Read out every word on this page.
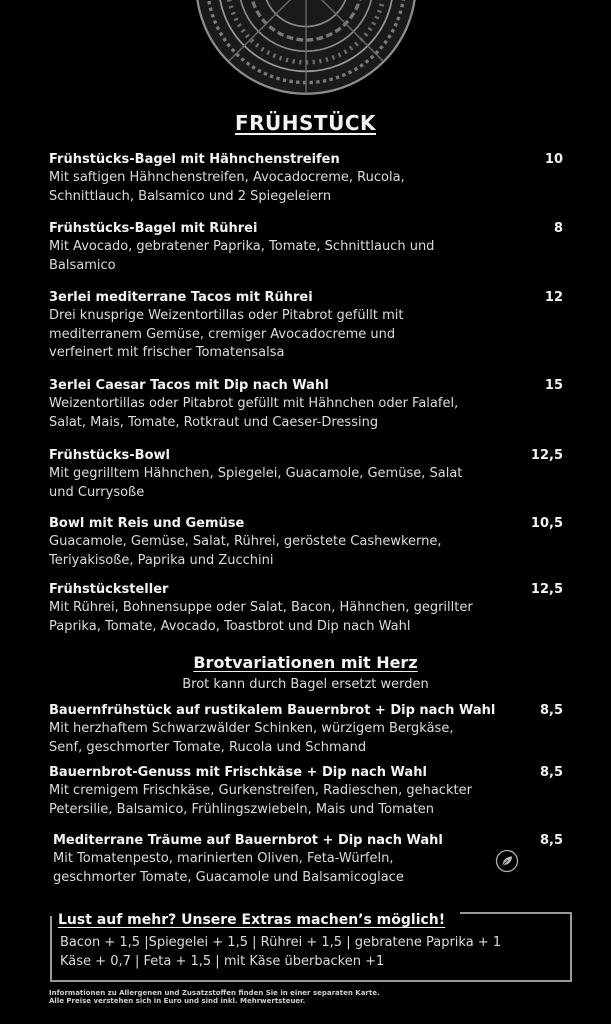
FRÜHSTÜCK
Frühstücks-Bagel mit Hähnchenstreifen
Mit saftigen Hähnchenstreifen, Avocadocreme, Rucola,
Schnittlauch, Balsamico und 2 Spiegeleiern
10
Frühstücks-Bagel mit Rührei
Mit Avocado, gebratener Paprika, Tomate, Schnittlauch und
Balsamico
8
3erlei mediterrane Tacos mit Rührei
Drei knusprige Weizentortillas oder Pitabrot gefüllt mit
mediterranem Gemüse, cremiger Avocadocreme und
verfeinert mit frischer Tomatensalsa
12
3erlei Caesar Tacos mit Dip nach Wahl
Weizentortillas oder Pitabrot gefüllt mit Hähnchen oder Falafel,
Salat, Mais, Tomate, Rotkraut und Caeser-Dressing
15
Frühstücks-Bowl
Mit gegrilltem Hähnchen, Spiegelei, Guacamole, Gemüse, Salat
und Currysoße
12,5
Bowl mit Reis und Gemüse
Guacamole, Gemüse, Salat, Rührei, geröstete Cashewkerne,
Teriyakisoße, Paprika und Zucchini
10,5
Frühstücksteller
Mit Rührei, Bohnensuppe oder Salat, Bacon, Hähnchen, gegrillter
Paprika, Tomate, Avocado, Toastbrot und Dip nach Wahl
12,5
Brotvariationen mit Herz
Brot kann durch Bagel ersetzt werden
Bauernfrühstück auf rustikalem Bauernbrot + Dip nach Wahl
Mit herzhaftem Schwarzwälder Schinken, würzigem Bergkäse,
Senf, geschmorter Tomate, Rucola und Schmand
8,5
Bauernbrot-Genuss mit Frischkäse + Dip nach Wahl
Mit cremigem Frischkäse, Gurkenstreifen, Radieschen, gehackter
Petersilie, Balsamico, Frühlingszwiebeln, Mais und Tomaten
8,5
Mediterrane Träume auf Bauernbrot + Dip nach Wahl
Mit Tomatenpesto, marinierten Oliven, Feta-Würfeln,
geschmorter Tomate, Guacamole und Balsamicoglace
8,5
Lust auf mehr? Unsere Extras machen’s möglich!
Bacon + 1,5 |Spiegelei + 1,5 | Rührei + 1,5 | gebratene Paprika + 1
Käse + 0,7 | Feta + 1,5 | mit Käse überbacken +1
Informationen zu Allergenen und Zusatzstoffen finden Sie in einer separaten Karte.
Alle Preise verstehen sich in Euro und sind inkl. Mehrwertsteuer.
